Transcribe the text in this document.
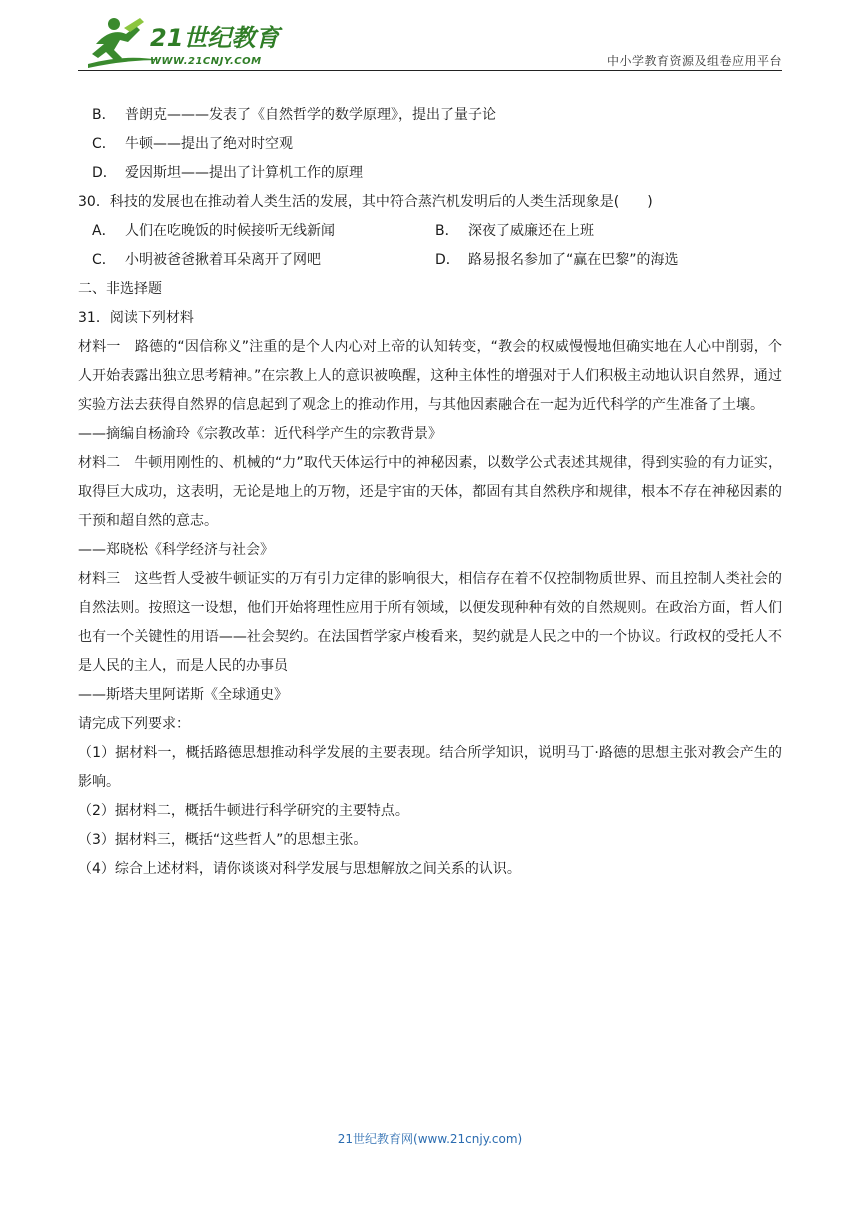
21世纪教育
WWW.21CNJY.COM	中小学教育资源及组卷应用平台
B． 普朗克———发表了《自然哲学的数学原理》，提出了量子论
C． 牛顿——提出了绝对时空观
D． 爱因斯坦——提出了计算机工作的原理
30．科技的发展也在推动着人类生活的发展，其中符合蒸汽机发明后的人类生活现象是(　　)
A． 人们在吃晚饭的时候接听无线新闻	B． 深夜了威廉还在上班
C． 小明被爸爸揪着耳朵离开了网吧	D． 路易报名参加了“赢在巴黎”的海选
二、非选择题
31．阅读下列材料
材料一　路德的“因信称义”注重的是个人内心对上帝的认知转变，“教会的权威慢慢地但确实地在人心中削弱，个人开始表露出独立思考精神。”在宗教上人的意识被唤醒，这种主体性的增强对于人们积极主动地认识自然界，通过实验方法去获得自然界的信息起到了观念上的推动作用，与其他因素融合在一起为近代科学的产生准备了土壤。
——摘编自杨渝玲《宗教改革：近代科学产生的宗教背景》
材料二　牛顿用刚性的、机械的“力”取代天体运行中的神秘因素，以数学公式表述其规律，得到实验的有力证实，取得巨大成功，这表明，无论是地上的万物，还是宇宙的天体，都固有其自然秩序和规律，根本不存在神秘因素的干预和超自然的意志。
——郑晓松《科学经济与社会》
材料三　这些哲人受被牛顿证实的万有引力定律的影响很大，相信存在着不仅控制物质世界、而且控制人类社会的自然法则。按照这一设想，他们开始将理性应用于所有领域，以便发现种种有效的自然规则。在政治方面，哲人们也有一个关键性的用语——社会契约。在法国哲学家卢梭看来，契约就是人民之中的一个协议。行政权的受托人不是人民的主人，而是人民的办事员
——斯塔夫里阿诺斯《全球通史》
请完成下列要求：
（1）据材料一，概括路德思想推动科学发展的主要表现。结合所学知识，说明马丁·路德的思想主张对教会产生的影响。
（2）据材料二，概括牛顿进行科学研究的主要特点。
（3）据材料三，概括“这些哲人”的思想主张。
（4）综合上述材料，请你谈谈对科学发展与思想解放之间关系的认识。
21世纪教育网(www.21cnjy.com)
